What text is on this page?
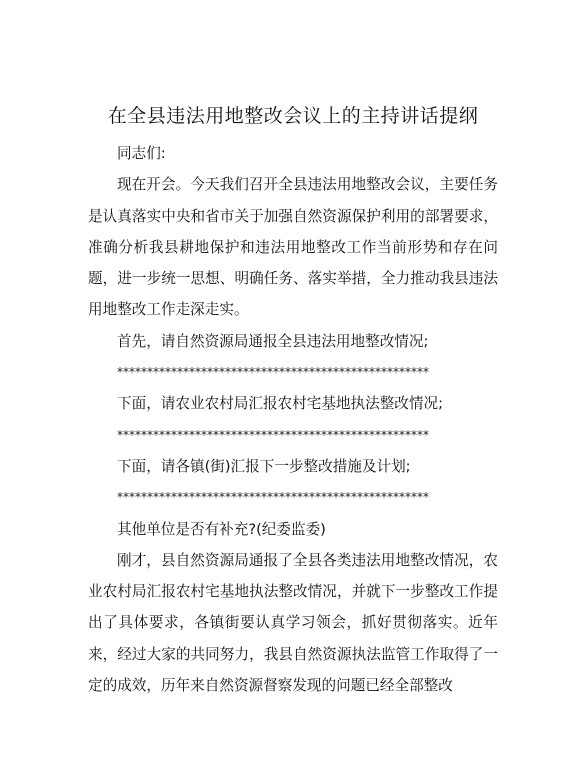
在全县违法用地整改会议上的主持讲话提纲

同志们:

现在开会。今天我们召开全县违法用地整改会议，主要任务是认真落实中央和省市关于加强自然资源保护利用的部署要求，准确分析我县耕地保护和违法用地整改工作当前形势和存在问题，进一步统一思想、明确任务、落实举措，全力推动我县违法用地整改工作走深走实。

首先，请自然资源局通报全县违法用地整改情况;

****************************************************

下面，请农业农村局汇报农村宅基地执法整改情况;

****************************************************

下面，请各镇(街)汇报下一步整改措施及计划;

****************************************************

其他单位是否有补充?(纪委监委)

刚才，县自然资源局通报了全县各类违法用地整改情况，农业农村局汇报农村宅基地执法整改情况，并就下一步整改工作提出了具体要求，各镇街要认真学习领会，抓好贯彻落实。近年来，经过大家的共同努力，我县自然资源执法监管工作取得了一定的成效，历年来自然资源督察发现的问题已经全部整改
